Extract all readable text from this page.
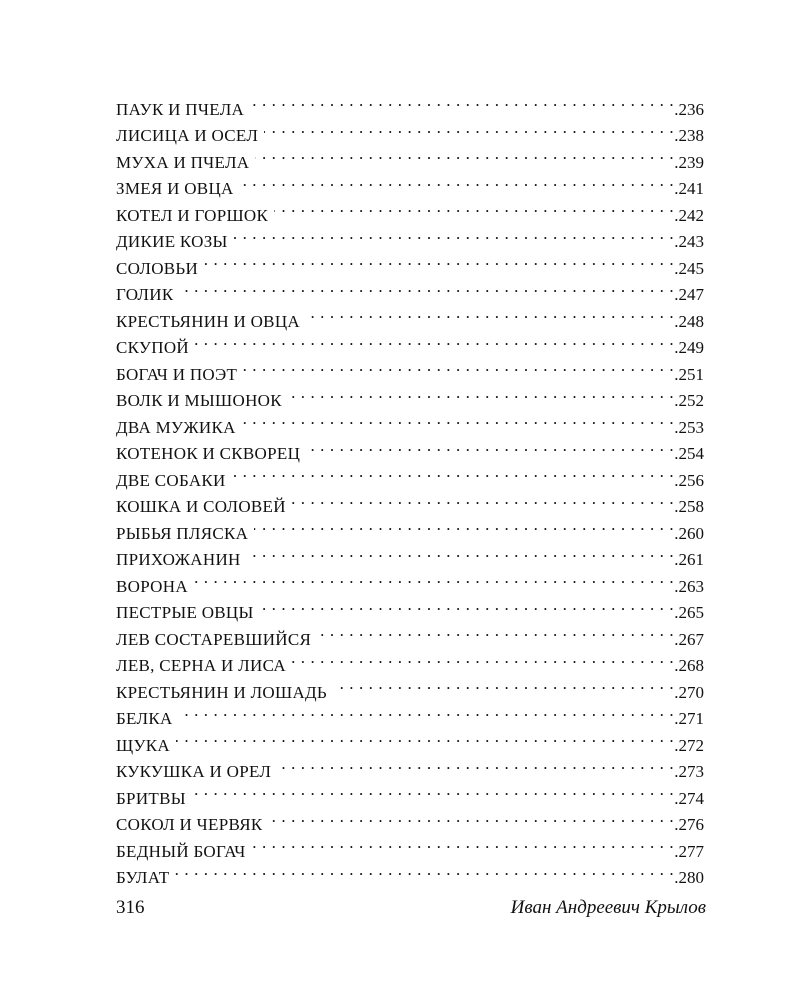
ПАУК И ПЧЕЛА . . .	.236
ЛИСИЦА И ОСЕЛ . . .	.238
МУХА И ПЧЕЛА . . .	.239
ЗМЕЯ И ОВЦА . . .	.241
КОТЕЛ И ГОРШОК . . .	.242
ДИКИЕ КОЗЫ . . .	.243
СОЛОВЬИ . . .	.245
ГОЛИК . . .	.247
КРЕСТЬЯНИН И ОВЦА . . .	.248
СКУПОЙ . . .	.249
БОГАЧ И ПОЭТ . . .	.251
ВОЛК И МЫШОНОК . . .	.252
ДВА МУЖИКА . . .	.253
КОТЕНОК И СКВОРЕЦ . . .	.254
ДВЕ СОБАКИ . . .	.256
КОШКА И СОЛОВЕЙ . . .	.258
РЫБЬЯ ПЛЯСКА . . .	.260
ПРИХОЖАНИН . . .	.261
ВОРОНА . . .	.263
ПЕСТРЫЕ ОВЦЫ . . .	.265
ЛЕВ СОСТАРЕВШИЙСЯ . . .	.267
ЛЕВ, СЕРНА И ЛИСА . . .	.268
КРЕСТЬЯНИН И ЛОШАДЬ . . .	.270
БЕЛКА . . .	.271
ЩУКА . . .	.272
КУКУШКА И ОРЕЛ . . .	.273
БРИТВЫ . . .	.274
СОКОЛ И ЧЕРВЯК . . .	.276
БЕДНЫЙ БОГАЧ . . .	.277
БУЛАТ . . .	.280
316	Иван Андреевич Крылов
